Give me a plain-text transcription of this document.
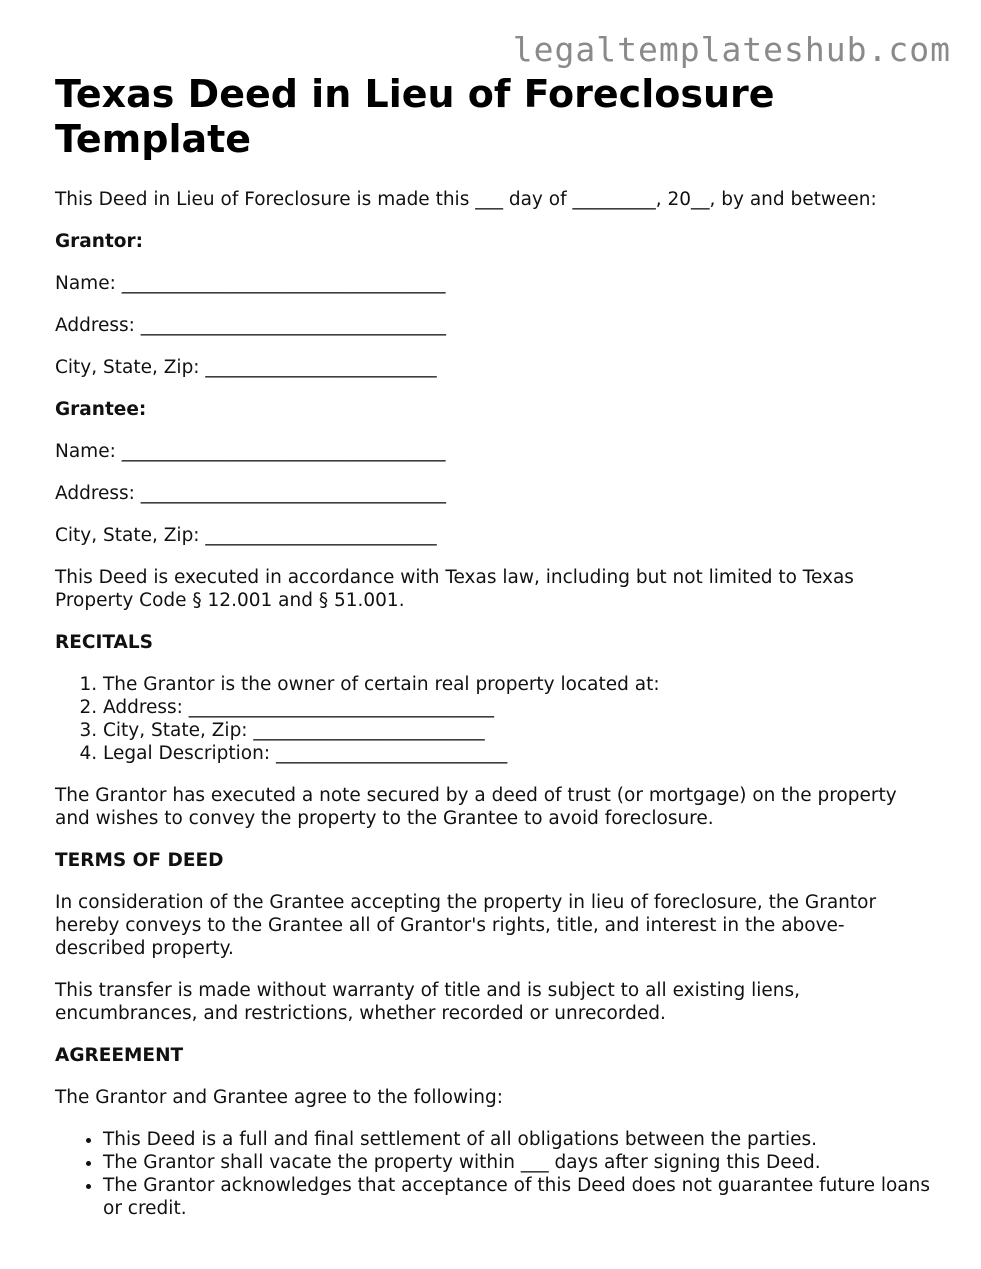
legaltemplateshub.com
Texas Deed in Lieu of Foreclosure Template

This Deed in Lieu of Foreclosure is made this ___ day of _________, 20__, by and between:

Grantor:

Name: ___________________________________

Address: _________________________________

City, State, Zip: _________________________

Grantee:

Name: ___________________________________

Address: _________________________________

City, State, Zip: _________________________

This Deed is executed in accordance with Texas law, including but not limited to Texas Property Code § 12.001 and § 51.001.

RECITALS

1. The Grantor is the owner of certain real property located at:
2. Address: _________________________________
3. City, State, Zip: _________________________
4. Legal Description: _________________________

The Grantor has executed a note secured by a deed of trust (or mortgage) on the property and wishes to convey the property to the Grantee to avoid foreclosure.

TERMS OF DEED

In consideration of the Grantee accepting the property in lieu of foreclosure, the Grantor hereby conveys to the Grantee all of Grantor's rights, title, and interest in the above-described property.

This transfer is made without warranty of title and is subject to all existing liens, encumbrances, and restrictions, whether recorded or unrecorded.

AGREEMENT

The Grantor and Grantee agree to the following:

• This Deed is a full and final settlement of all obligations between the parties.
• The Grantor shall vacate the property within ___ days after signing this Deed.
• The Grantor acknowledges that acceptance of this Deed does not guarantee future loans or credit.
